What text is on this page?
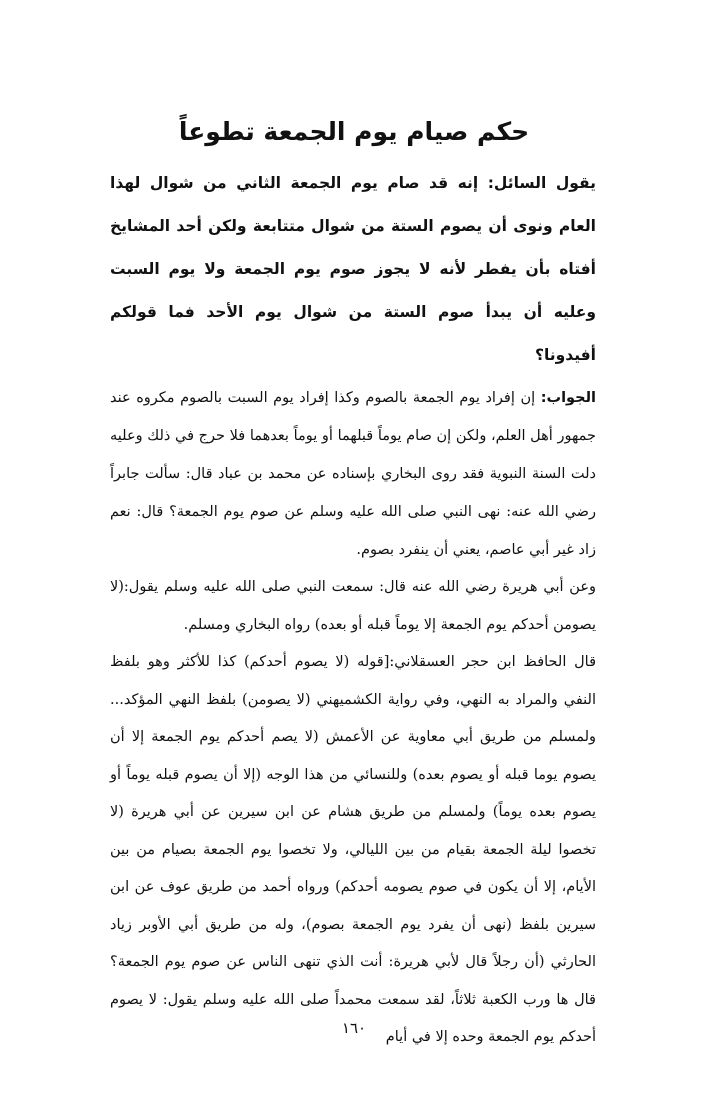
حكم صيام يوم الجمعة تطوعاً

يقول السائل: إنه قد صام يوم الجمعة الثاني من شوال لهذا العام ونوى أن يصوم الستة من شوال متتابعة ولكن أحد المشايخ أفتاه بأن يفطر لأنه لا يجوز صوم يوم الجمعة ولا يوم السبت وعليه أن يبدأ صوم الستة من شوال يوم الأحد فما قولكم أفيدونا؟

الجواب: إن إفراد يوم الجمعة بالصوم وكذا إفراد يوم السبت بالصوم مكروه عند جمهور أهل العلم، ولكن إن صام يوماً قبلهما أو يوماً بعدهما فلا حرج في ذلك وعليه دلت السنة النبوية فقد روى البخاري بإسناده عن محمد بن عباد قال: سألت جابراً رضي الله عنه: نهى النبي صلى الله عليه وسلم عن صوم يوم الجمعة؟ قال: نعم زاد غير أبي عاصم، يعني أن ينفرد بصوم.

وعن أبي هريرة رضي الله عنه قال: سمعت النبي صلى الله عليه وسلم يقول:(لا يصومن أحدكم يوم الجمعة إلا يوماً قبله أو بعده) رواه البخاري ومسلم.

قال الحافظ ابن حجر العسقلاني:[قوله (لا يصوم أحدكم) كذا للأكثر وهو بلفظ النفي والمراد به النهي، وفي رواية الكشميهني (لا يصومن) بلفظ النهي المؤكد... ولمسلم من طريق أبي معاوية عن الأعمش (لا يصم أحدكم يوم الجمعة إلا أن يصوم يوما قبله أو يصوم بعده) وللنسائي من هذا الوجه (إلا أن يصوم قبله يوماً أو يصوم بعده يوماً) ولمسلم من طريق هشام عن ابن سيرين عن أبي هريرة (لا تخصوا ليلة الجمعة بقيام من بين الليالي، ولا تخصوا يوم الجمعة بصيام من بين الأيام، إلا أن يكون في صوم يصومه أحدكم) ورواه أحمد من طريق عوف عن ابن سيرين بلفظ (نهى أن يفرد يوم الجمعة بصوم)، وله من طريق أبي الأوبر زياد الحارثي (أن رجلاً قال لأبي هريرة: أنت الذي تنهى الناس عن صوم يوم الجمعة؟ قال ها ورب الكعبة ثلاثاً، لقد سمعت محمداً صلى الله عليه وسلم يقول: لا يصوم أحدكم يوم الجمعة وحده إلا في أيام

١٦٠
